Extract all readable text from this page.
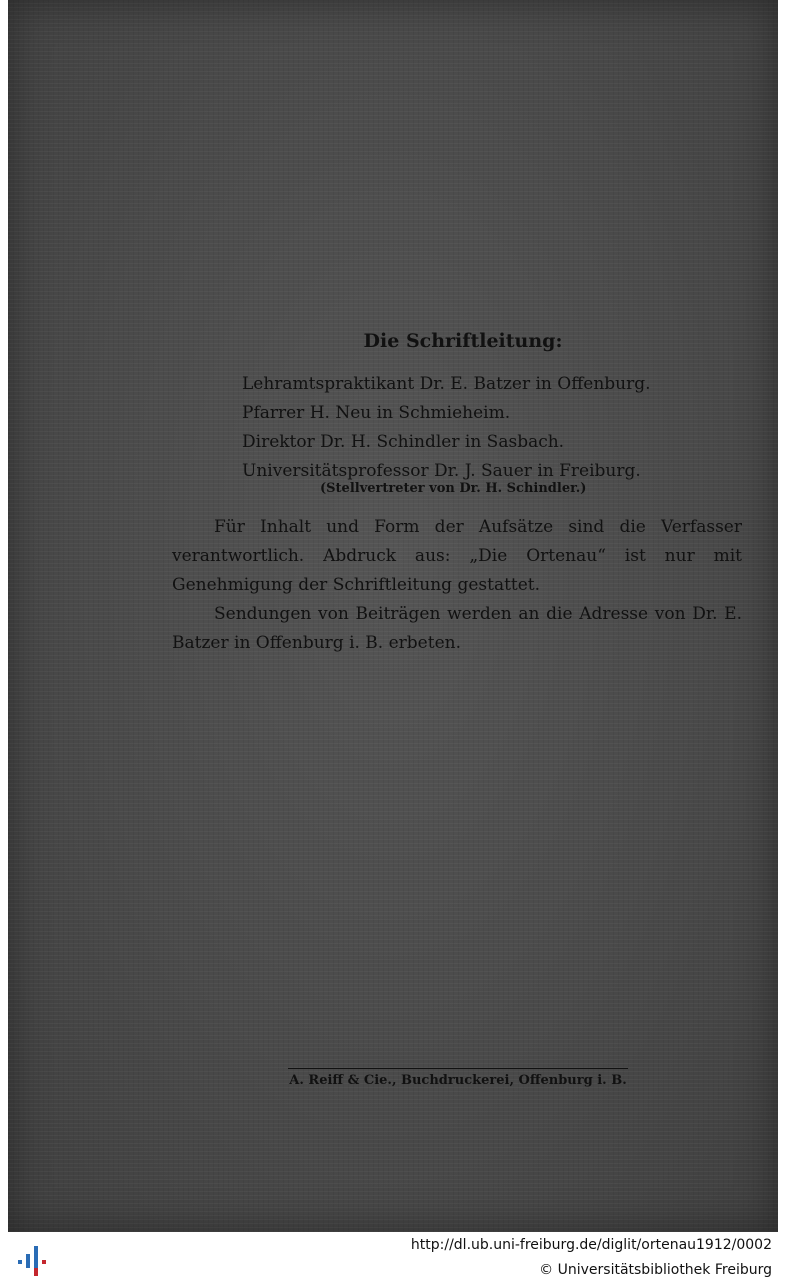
Die Schriftleitung:
Lehramtspraktikant Dr. E. Batzer in Offenburg.
Pfarrer H. Neu in Schmieheim.
Direktor Dr. H. Schindler in Sasbach.
Universitätsprofessor Dr. J. Sauer in Freiburg.
(Stellvertreter von Dr. H. Schindler.)
Für Inhalt und Form der Aufsätze sind die Verfasser verantwortlich. Abdruck aus: „Die Ortenau“ ist nur mit Genehmigung der Schriftleitung gestattet.
Sendungen von Beiträgen werden an die Adresse von Dr. E. Batzer in Offenburg i. B. erbeten.
A. Reiff & Cie., Buchdruckerei, Offenburg i. B.
http://dl.ub.uni-freiburg.de/diglit/ortenau1912/0002
© Universitätsbibliothek Freiburg
